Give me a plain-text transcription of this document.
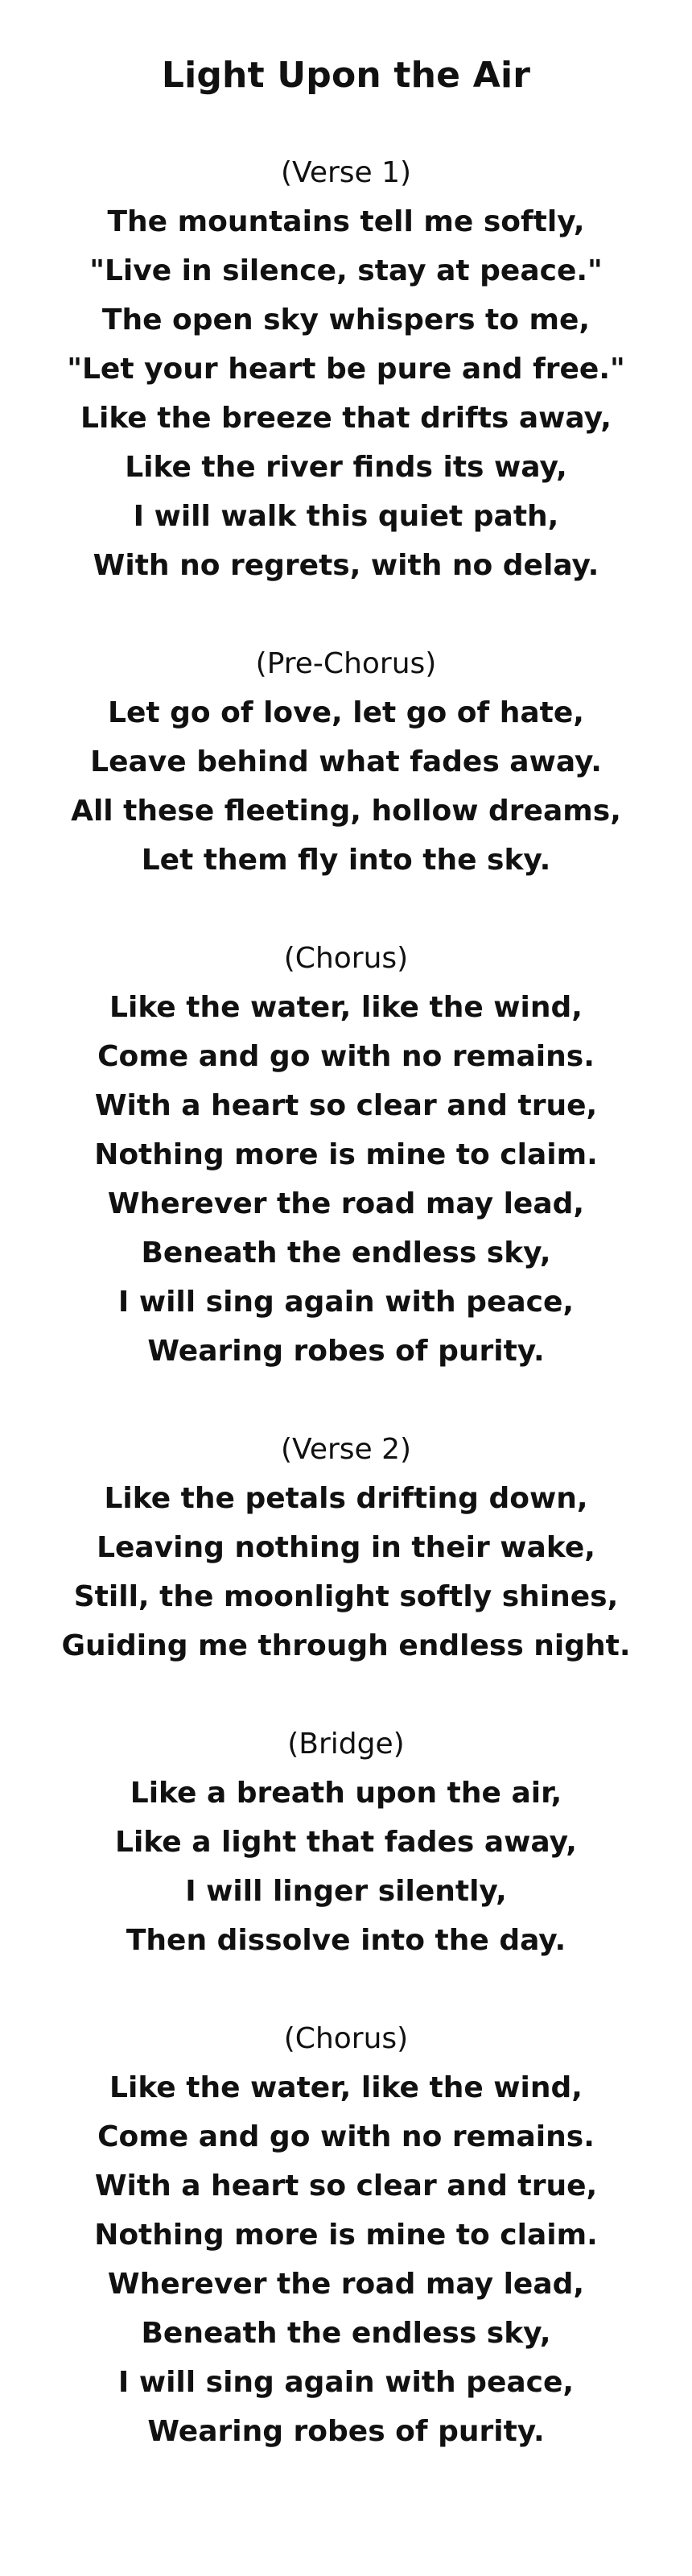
Light Upon the Air
(Verse 1)
The mountains tell me softly,
"Live in silence, stay at peace."
The open sky whispers to me,
"Let your heart be pure and free."
Like the breeze that drifts away,
Like the river finds its way,
I will walk this quiet path,
With no regrets, with no delay.
(Pre-Chorus)
Let go of love, let go of hate,
Leave behind what fades away.
All these fleeting, hollow dreams,
Let them fly into the sky.
(Chorus)
Like the water, like the wind,
Come and go with no remains.
With a heart so clear and true,
Nothing more is mine to claim.
Wherever the road may lead,
Beneath the endless sky,
I will sing again with peace,
Wearing robes of purity.
(Verse 2)
Like the petals drifting down,
Leaving nothing in their wake,
Still, the moonlight softly shines,
Guiding me through endless night.
(Bridge)
Like a breath upon the air,
Like a light that fades away,
I will linger silently,
Then dissolve into the day.
(Chorus)
Like the water, like the wind,
Come and go with no remains.
With a heart so clear and true,
Nothing more is mine to claim.
Wherever the road may lead,
Beneath the endless sky,
I will sing again with peace,
Wearing robes of purity.
